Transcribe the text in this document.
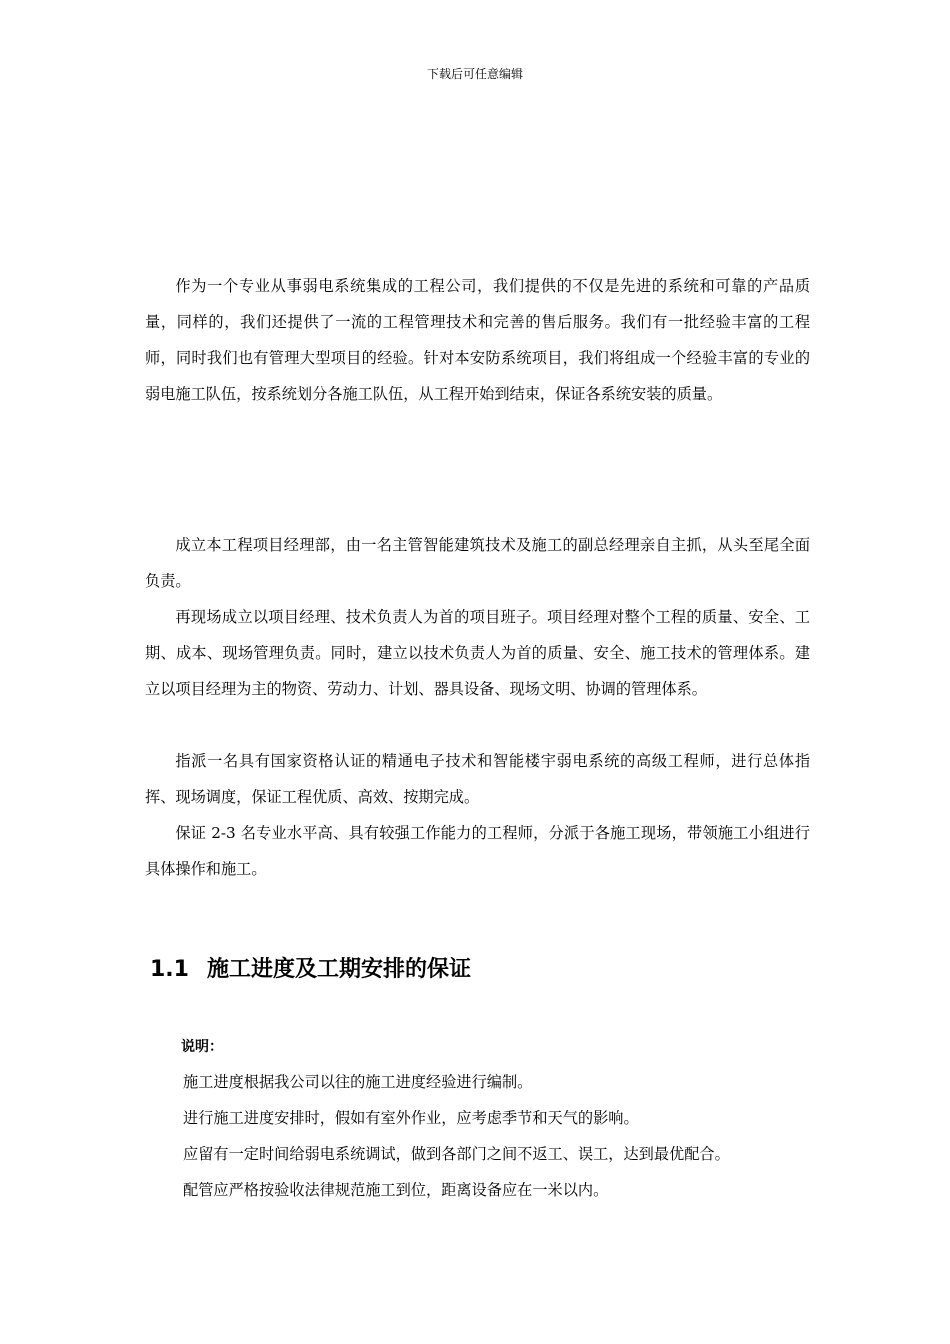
下载后可任意编辑

作为一个专业从事弱电系统集成的工程公司，我们提供的不仅是先进的系统和可靠的产品质量，同样的，我们还提供了一流的工程管理技术和完善的售后服务。我们有一批经验丰富的工程师，同时我们也有管理大型项目的经验。针对本安防系统项目，我们将组成一个经验丰富的专业的弱电施工队伍，按系统划分各施工队伍，从工程开始到结束，保证各系统安装的质量。

成立本工程项目经理部，由一名主管智能建筑技术及施工的副总经理亲自主抓，从头至尾全面负责。

再现场成立以项目经理、技术负责人为首的项目班子。项目经理对整个工程的质量、安全、工期、成本、现场管理负责。同时，建立以技术负责人为首的质量、安全、施工技术的管理体系。建立以项目经理为主的物资、劳动力、计划、器具设备、现场文明、协调的管理体系。

指派一名具有国家资格认证的精通电子技术和智能楼宇弱电系统的高级工程师，进行总体指挥、现场调度，保证工程优质、高效、按期完成。

保证 2-3 名专业水平高、具有较强工作能力的工程师，分派于各施工现场，带领施工小组进行具体操作和施工。

1.1 施工进度及工期安排的保证

说明：

施工进度根据我公司以往的施工进度经验进行编制。
进行施工进度安排时，假如有室外作业，应考虑季节和天气的影响。
应留有一定时间给弱电系统调试，做到各部门之间不返工、误工，达到最优配合。
配管应严格按验收法律规范施工到位，距离设备应在一米以内。
